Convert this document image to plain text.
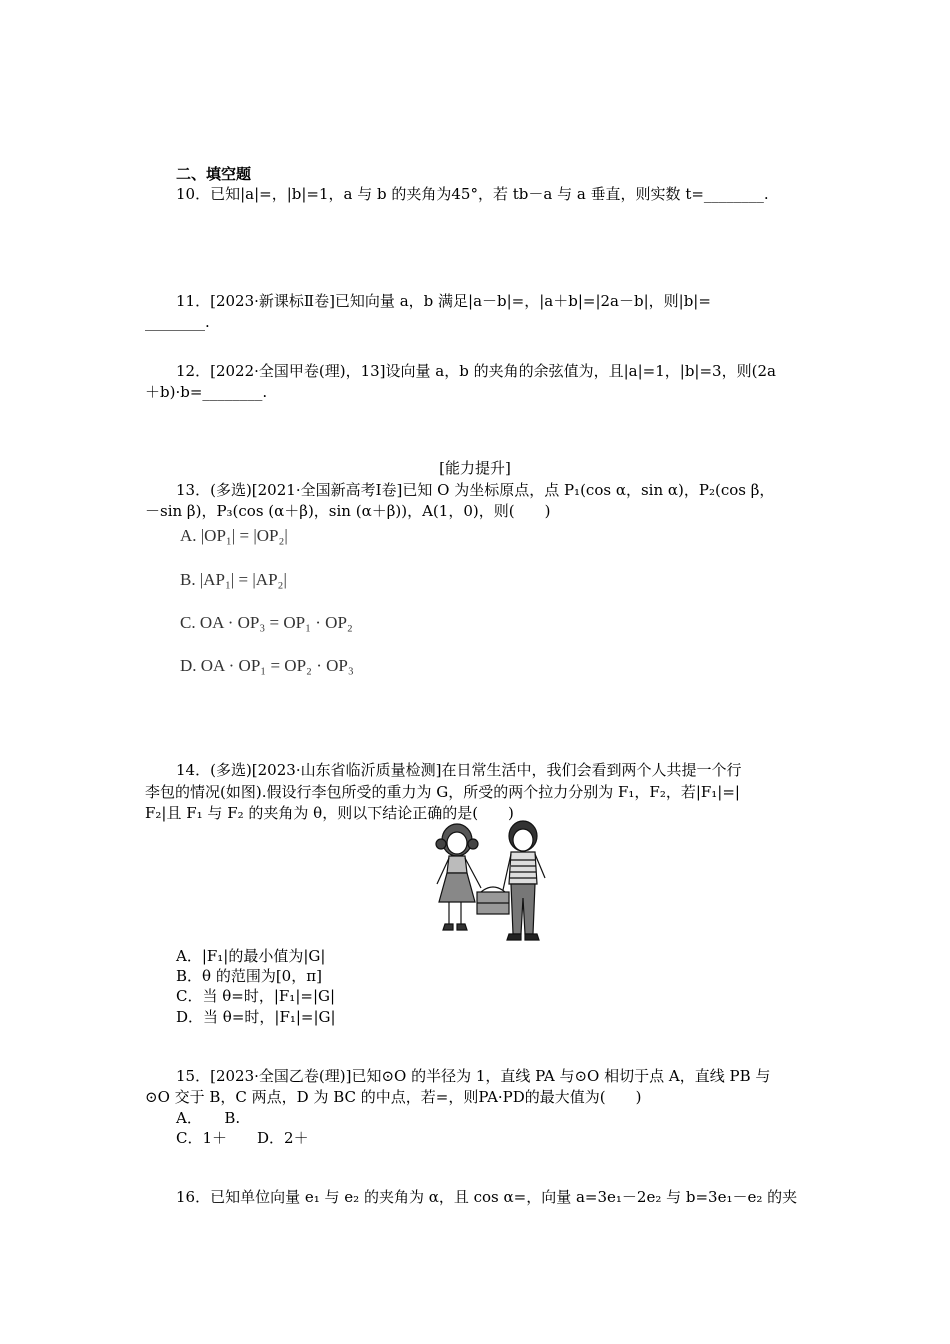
二、填空题
10．已知|a|=，|b|=1，a 与 b 的夹角为45°，若 tb－a 与 a 垂直，则实数 t=________.
11．[2023·新课标Ⅱ卷]已知向量 a，b 满足|a－b|=，|a＋b|=|2a－b|，则|b|=
________.
12．[2022·全国甲卷(理)，13]设向量 a，b 的夹角的余弦值为，且|a|=1，|b|=3，则(2a
＋b)·b=________.
[能力提升]
13．(多选)[2021·全国新高考Ⅰ卷]已知 O 为坐标原点，点 P₁(cos α，sin α)，P₂(cos β，
－sin β)，P₃(cos (α＋β)，sin (α＋β))，A(1，0)，则(　　)
A. |OP₁| = |OP₂|
B. |AP₁| = |AP₂|
C. OA · OP₃ = OP₁ · OP₂
D. OA · OP₁ = OP₂ · OP₃
14．(多选)[2023·山东省临沂质量检测]在日常生活中，我们会看到两个人共提一个行
李包的情况(如图).假设行李包所受的重力为 G，所受的两个拉力分别为 F₁，F₂，若|F₁|=|
F₂|且 F₁ 与 F₂ 的夹角为 θ，则以下结论正确的是(　　)
A．|F₁|的最小值为|G|
B．θ 的范围为[0，π]
C．当 θ=时，|F₁|=|G|
D．当 θ=时，|F₁|=|G|
15．[2023·全国乙卷(理)]已知⊙O 的半径为 1，直线 PA 与⊙O 相切于点 A，直线 PB 与
⊙O 交于 B，C 两点，D 为 BC 的中点，若=，则PA·PD的最大值为(　　)
A．　　B.
C．1＋　　D．2＋
16．已知单位向量 e₁ 与 e₂ 的夹角为 α，且 cos α=，向量 a=3e₁－2e₂ 与 b=3e₁－e₂ 的夹
